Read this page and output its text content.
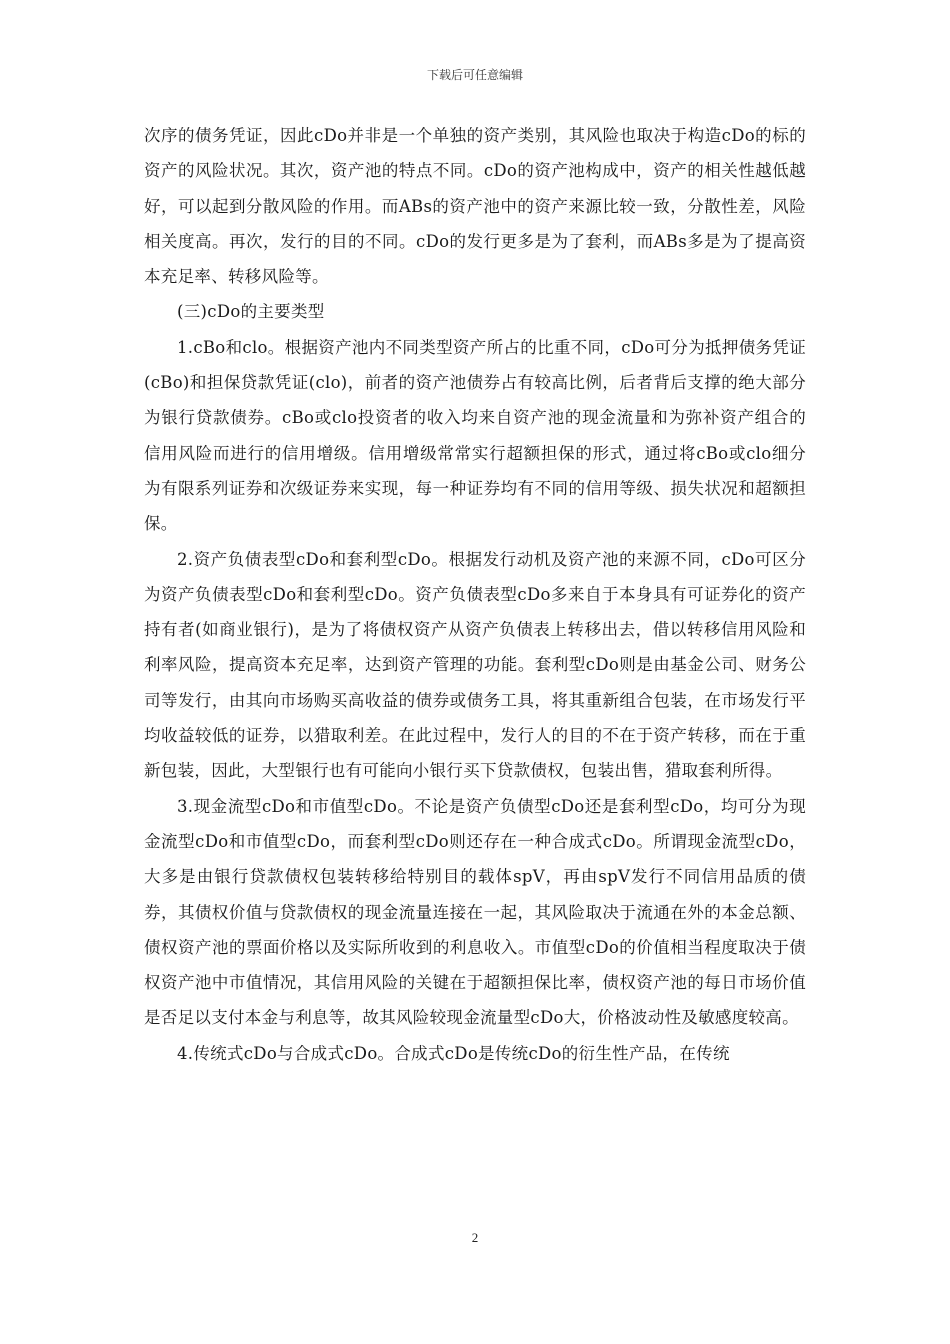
下载后可任意编辑

次序的债务凭证，因此cDo并非是一个单独的资产类别，其风险也取决于构造cDo的标的资产的风险状况。其次，资产池的特点不同。cDo的资产池构成中，资产的相关性越低越好，可以起到分散风险的作用。而ABs的资产池中的资产来源比较一致，分散性差，风险相关度高。再次，发行的目的不同。cDo的发行更多是为了套利，而ABs多是为了提高资本充足率、转移风险等。

(三)cDo的主要类型

1.cBo和clo。根据资产池内不同类型资产所占的比重不同，cDo可分为抵押债务凭证(cBo)和担保贷款凭证(clo)，前者的资产池债券占有较高比例，后者背后支撑的绝大部分为银行贷款债券。cBo或clo投资者的收入均来自资产池的现金流量和为弥补资产组合的信用风险而进行的信用增级。信用增级常常实行超额担保的形式，通过将cBo或clo细分为有限系列证券和次级证券来实现，每一种证券均有不同的信用等级、损失状况和超额担保。

2.资产负债表型cDo和套利型cDo。根据发行动机及资产池的来源不同，cDo可区分为资产负债表型cDo和套利型cDo。资产负债表型cDo多来自于本身具有可证券化的资产持有者(如商业银行)，是为了将债权资产从资产负债表上转移出去，借以转移信用风险和利率风险，提高资本充足率，达到资产管理的功能。套利型cDo则是由基金公司、财务公司等发行，由其向市场购买高收益的债券或债务工具，将其重新组合包装，在市场发行平均收益较低的证券，以猎取利差。在此过程中，发行人的目的不在于资产转移，而在于重新包装，因此，大型银行也有可能向小银行买下贷款债权，包装出售，猎取套利所得。

3.现金流型cDo和市值型cDo。不论是资产负债型cDo还是套利型cDo，均可分为现金流型cDo和市值型cDo，而套利型cDo则还存在一种合成式cDo。所谓现金流型cDo，大多是由银行贷款债权包装转移给特别目的载体spV，再由spV发行不同信用品质的债券，其债权价值与贷款债权的现金流量连接在一起，其风险取决于流通在外的本金总额、债权资产池的票面价格以及实际所收到的利息收入。市值型cDo的价值相当程度取决于债权资产池中市值情况，其信用风险的关键在于超额担保比率，债权资产池的每日市场价值是否足以支付本金与利息等，故其风险较现金流量型cDo大，价格波动性及敏感度较高。

4.传统式cDo与合成式cDo。合成式cDo是传统cDo的衍生性产品，在传统

2
